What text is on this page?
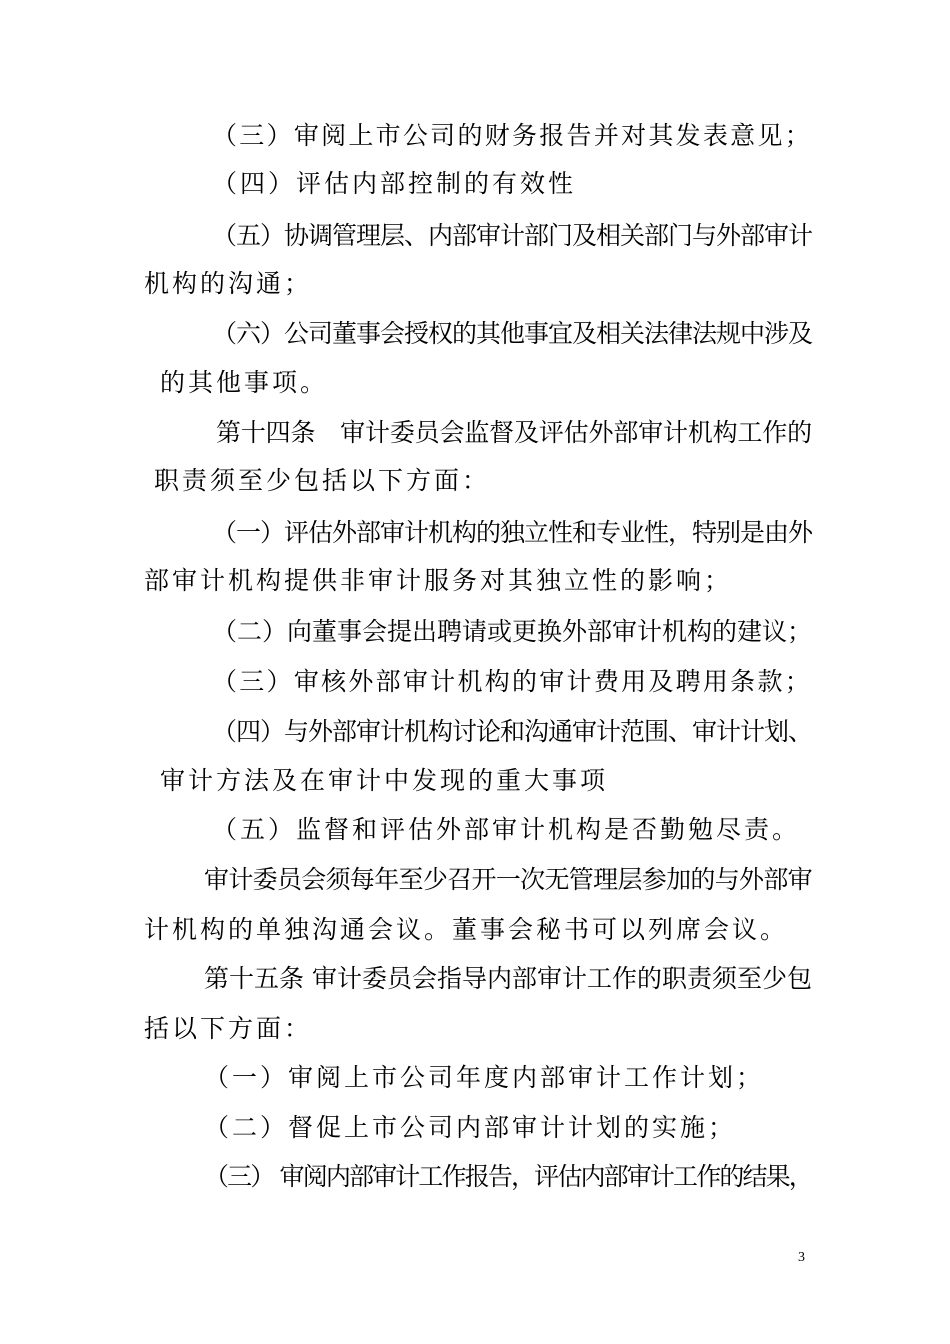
（三）审阅上市公司的财务报告并对其发表意见；
（四）评估内部控制的有效性
（五）协调管理层、内部审计部门及相关部门与外部审计
机构的沟通；
（六）公司董事会授权的其他事宜及相关法律法规中涉及
的其他事项。
第十四条　审计委员会监督及评估外部审计机构工作的
职责须至少包括以下方面：
（一）评估外部审计机构的独立性和专业性，特别是由外
部审计机构提供非审计服务对其独立性的影响；
（二）向董事会提出聘请或更换外部审计机构的建议；
（三）审核外部审计机构的审计费用及聘用条款；
（四）与外部审计机构讨论和沟通审计范围、审计计划、
审计方法及在审计中发现的重大事项
（五）监督和评估外部审计机构是否勤勉尽责。
审计委员会须每年至少召开一次无管理层参加的与外部审
计机构的单独沟通会议。董事会秘书可以列席会议。
第十五条 审计委员会指导内部审计工作的职责须至少包
括以下方面：
（一）审阅上市公司年度内部审计工作计划；
（二）督促上市公司内部审计计划的实施；
（三） 审阅内部审计工作报告，评估内部审计工作的结果，
3
